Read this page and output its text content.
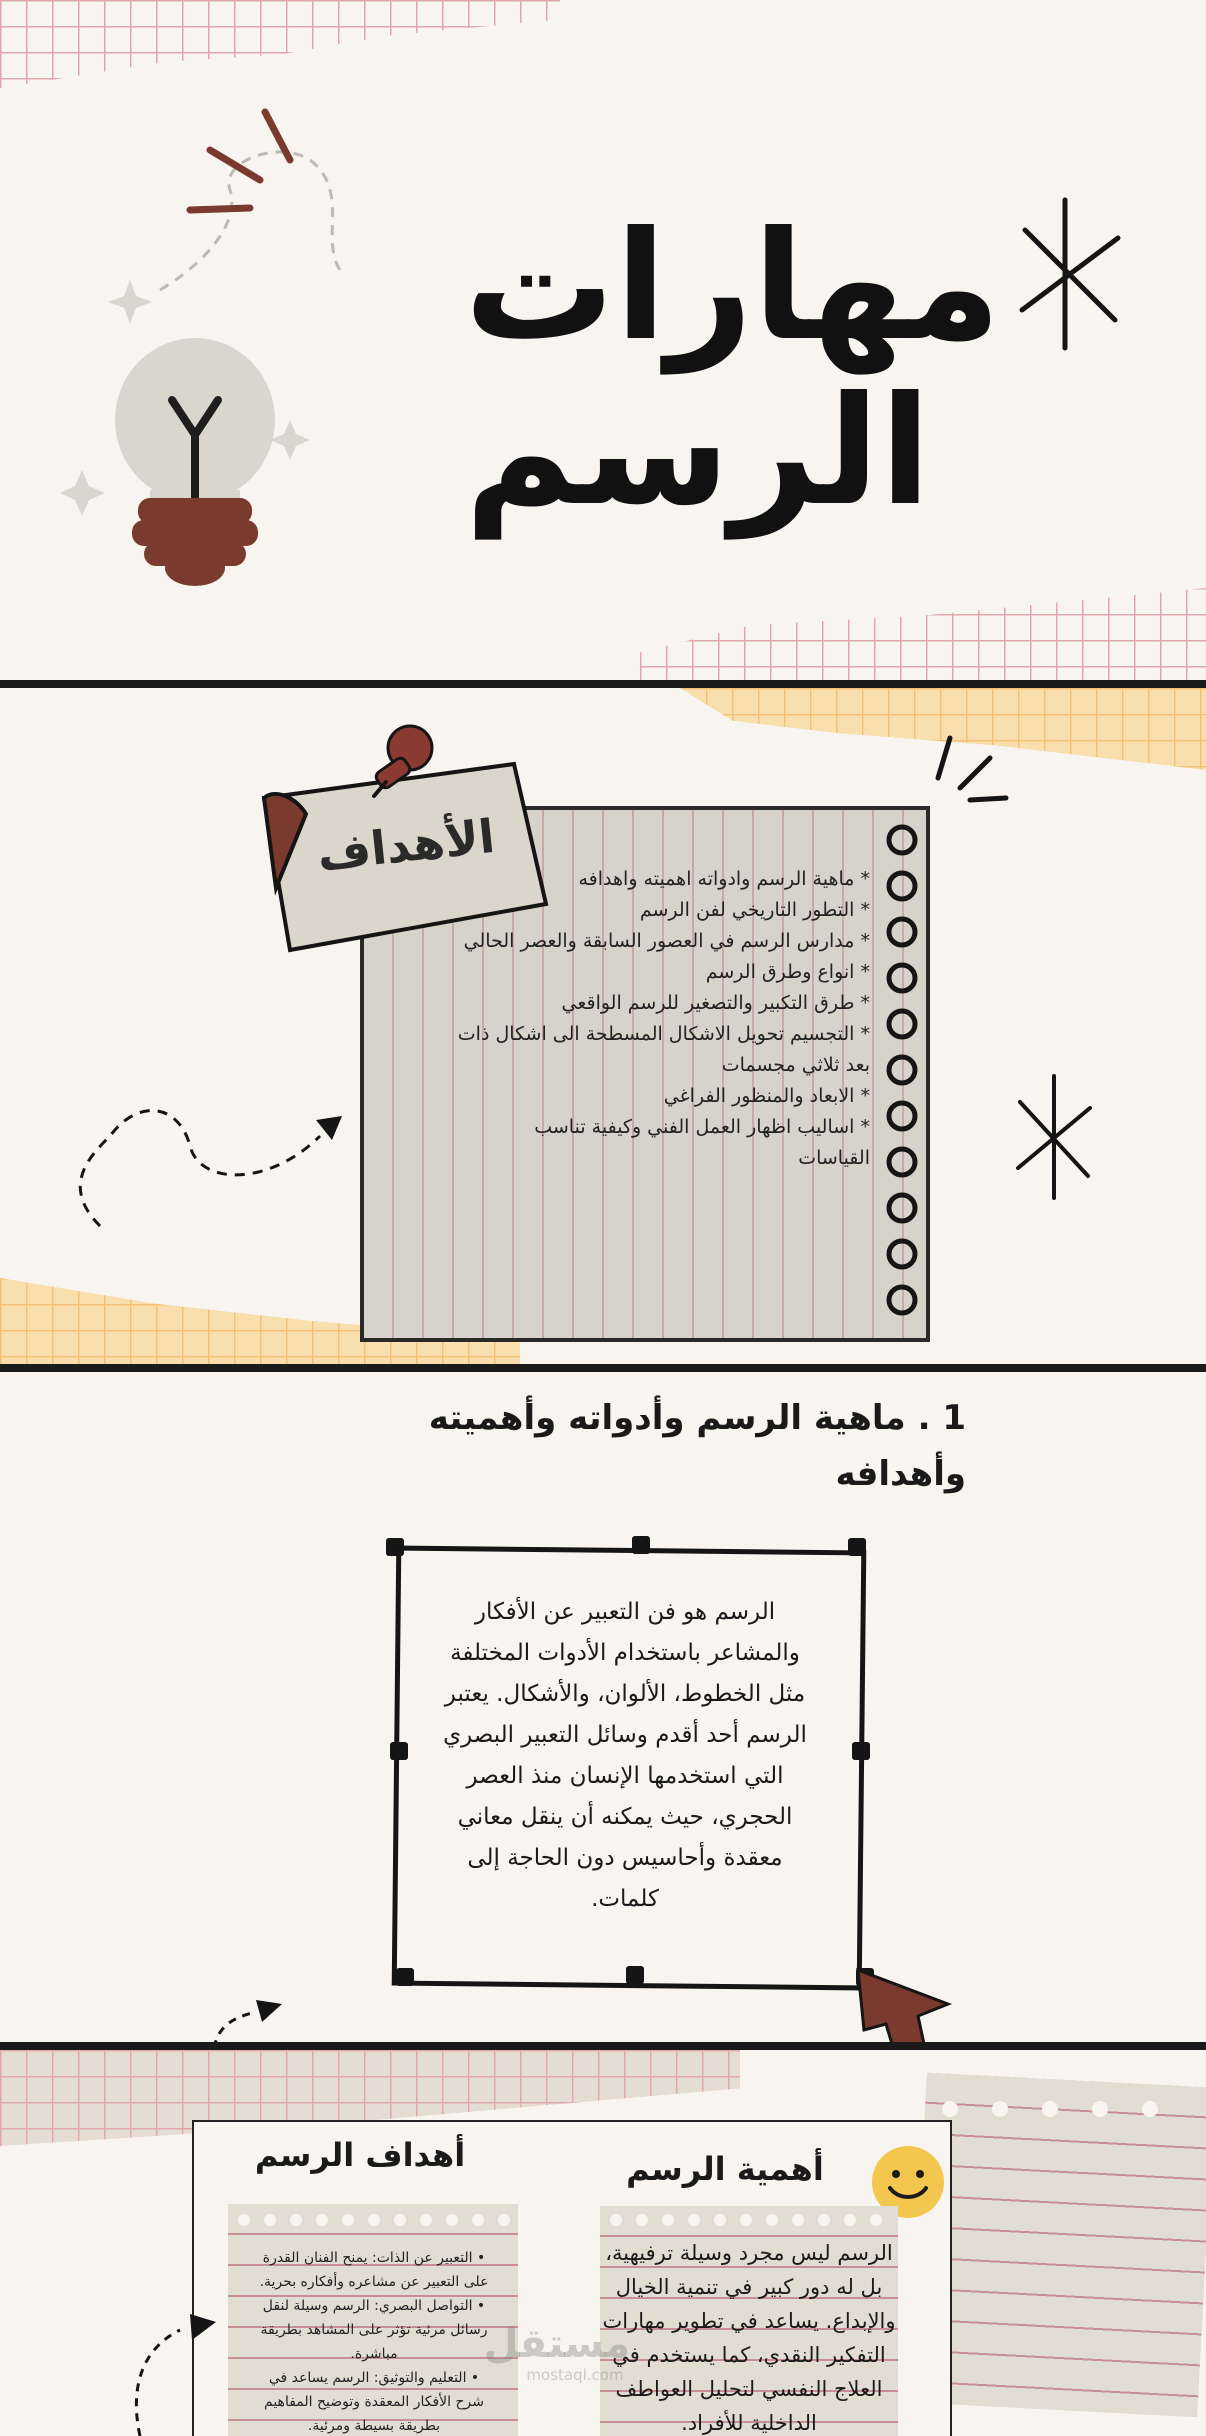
مهارات
الرسم
* ماهية الرسم وادواته اهميته واهدافه
* التطور التاريخي لفن الرسم
* مدارس الرسم في العصور السابقة والعصر الحالي
* انواع وطرق الرسم
* طرق التكبير والتصغير للرسم الواقعي
* التجسيم تحويل الاشكال المسطحة الى اشكال ذات
بعد ثلاثي مجسمات
* الابعاد والمنظور الفراغي
* اساليب اظهار العمل الفني وكيفية تناسب
القياسات
الأهداف
1 . ماهية الرسم وأدواته وأهميته
وأهدافه
الرسم هو فن التعبير عن الأفكار
والمشاعر باستخدام الأدوات المختلفة
مثل الخطوط، الألوان، والأشكال. يعتبر
الرسم أحد أقدم وسائل التعبير البصري
التي استخدمها الإنسان منذ العصر
الحجري، حيث يمكنه أن ينقل معاني
معقدة وأحاسيس دون الحاجة إلى
كلمات.
أهداف الرسم
• التعبير عن الذات: يمنح الفنان القدرة
على التعبير عن مشاعره وأفكاره بحرية.
• التواصل البصري: الرسم وسيلة لنقل
رسائل مرئية تؤثر على المشاهد بطريقة
مباشرة.
• التعليم والتوثيق: الرسم يساعد في
شرح الأفكار المعقدة وتوضيح المفاهيم
بطريقة بسيطة ومرئية.
أهمية الرسم
الرسم ليس مجرد وسيلة ترفيهية،
بل له دور كبير في تنمية الخيال
والإبداع. يساعد في تطوير مهارات
التفكير النقدي، كما يستخدم في
العلاج النفسي لتحليل العواطف
الداخلية للأفراد.
مستقل
mostaql.com
